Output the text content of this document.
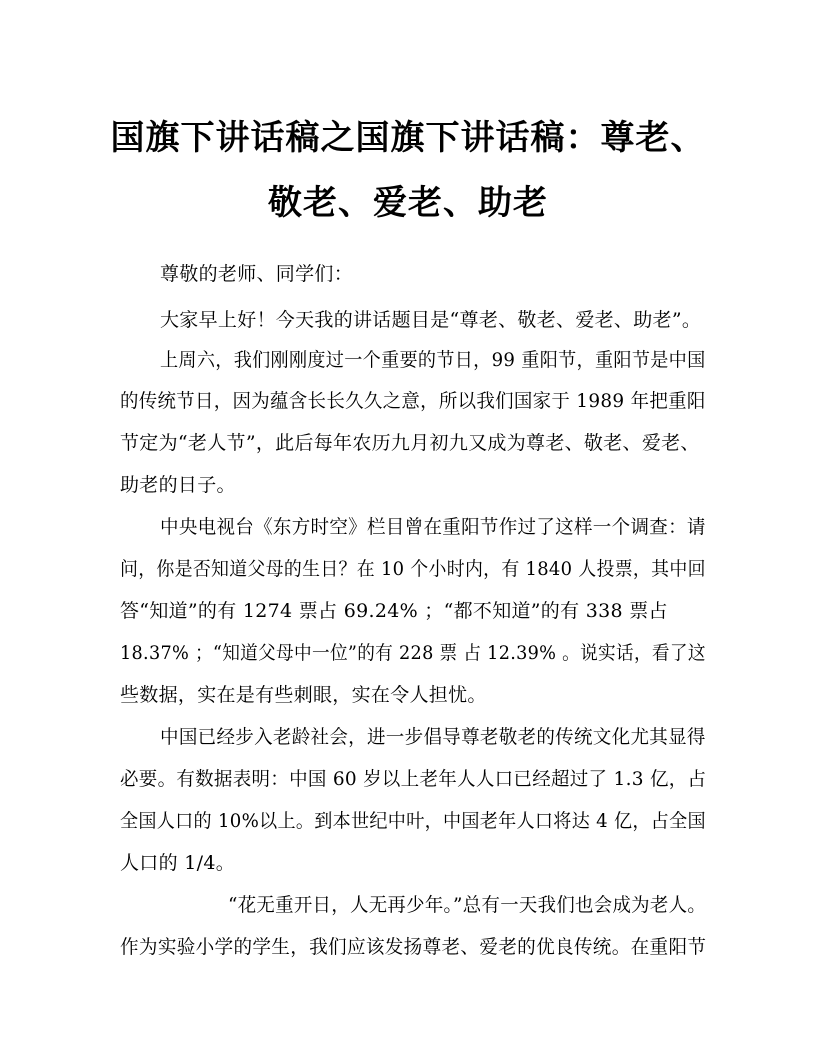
国旗下讲话稿之国旗下讲话稿：尊老、
敬老、爱老、助老
尊敬的老师、同学们：
大家早上好！今天我的讲话题目是“尊老、敬老、爱老、助老”。
上周六，我们刚刚度过一个重要的节日，99 重阳节，重阳节是中国
的传统节日，因为蕴含长长久久之意，所以我们国家于 1989 年把重阳
节定为“老人节”，此后每年农历九月初九又成为尊老、敬老、爱老、
助老的日子。
中央电视台《东方时空》栏目曾在重阳节作过了这样一个调查：请
问，你是否知道父母的生日？在 10 个小时内，有 1840 人投票，其中回
答“知道”的有 1274 票占 69.24% ；“都不知道”的有 338 票占
18.37% ；“知道父母中一位”的有 228 票 占 12.39% 。说实话，看了这
些数据，实在是有些刺眼，实在令人担忧。
中国已经步入老龄社会，进一步倡导尊老敬老的传统文化尤其显得
必要。有数据表明：中国 60 岁以上老年人人口已经超过了 1.3 亿，占
全国人口的 10%以上。到本世纪中叶，中国老年人口将达 4 亿，占全国
人口的 1/4。
“花无重开日，人无再少年。”总有一天我们也会成为老人。
作为实验小学的学生，我们应该发扬尊老、爱老的优良传统。在重阳节
